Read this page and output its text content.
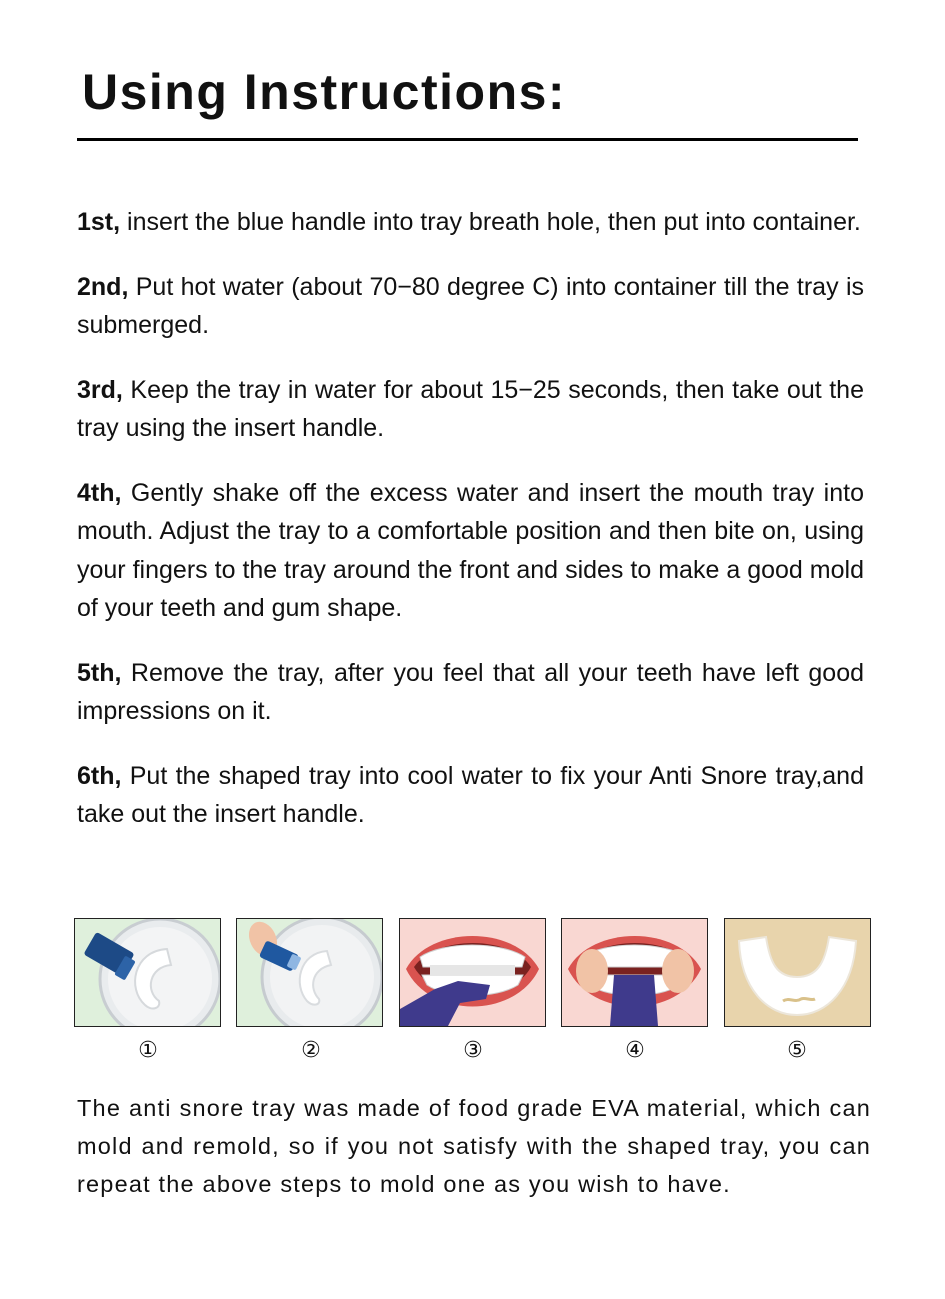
Using Instructions:

1st, insert the blue handle into tray breath hole, then put into container.

2nd, Put hot water (about 70−80 degree C) into container till the tray is submerged.

3rd, Keep the tray in water for about 15−25 seconds, then take out the tray using the insert handle.

4th, Gently shake off the excess water and insert the mouth tray into mouth. Adjust the tray to a comfortable position and then bite on, using your fingers to the tray around the front and sides to make a good mold of your teeth and gum shape.

5th, Remove the tray, after you feel that all your teeth have left good impressions on it.

6th, Put the shaped tray into cool water to fix your Anti Snore tray,and take out the insert handle.

①	②	③	④	⑤

The anti snore tray was made of food grade EVA material, which can mold and remold, so if you not satisfy with the shaped tray, you can repeat the above steps to mold one as you wish to have.
